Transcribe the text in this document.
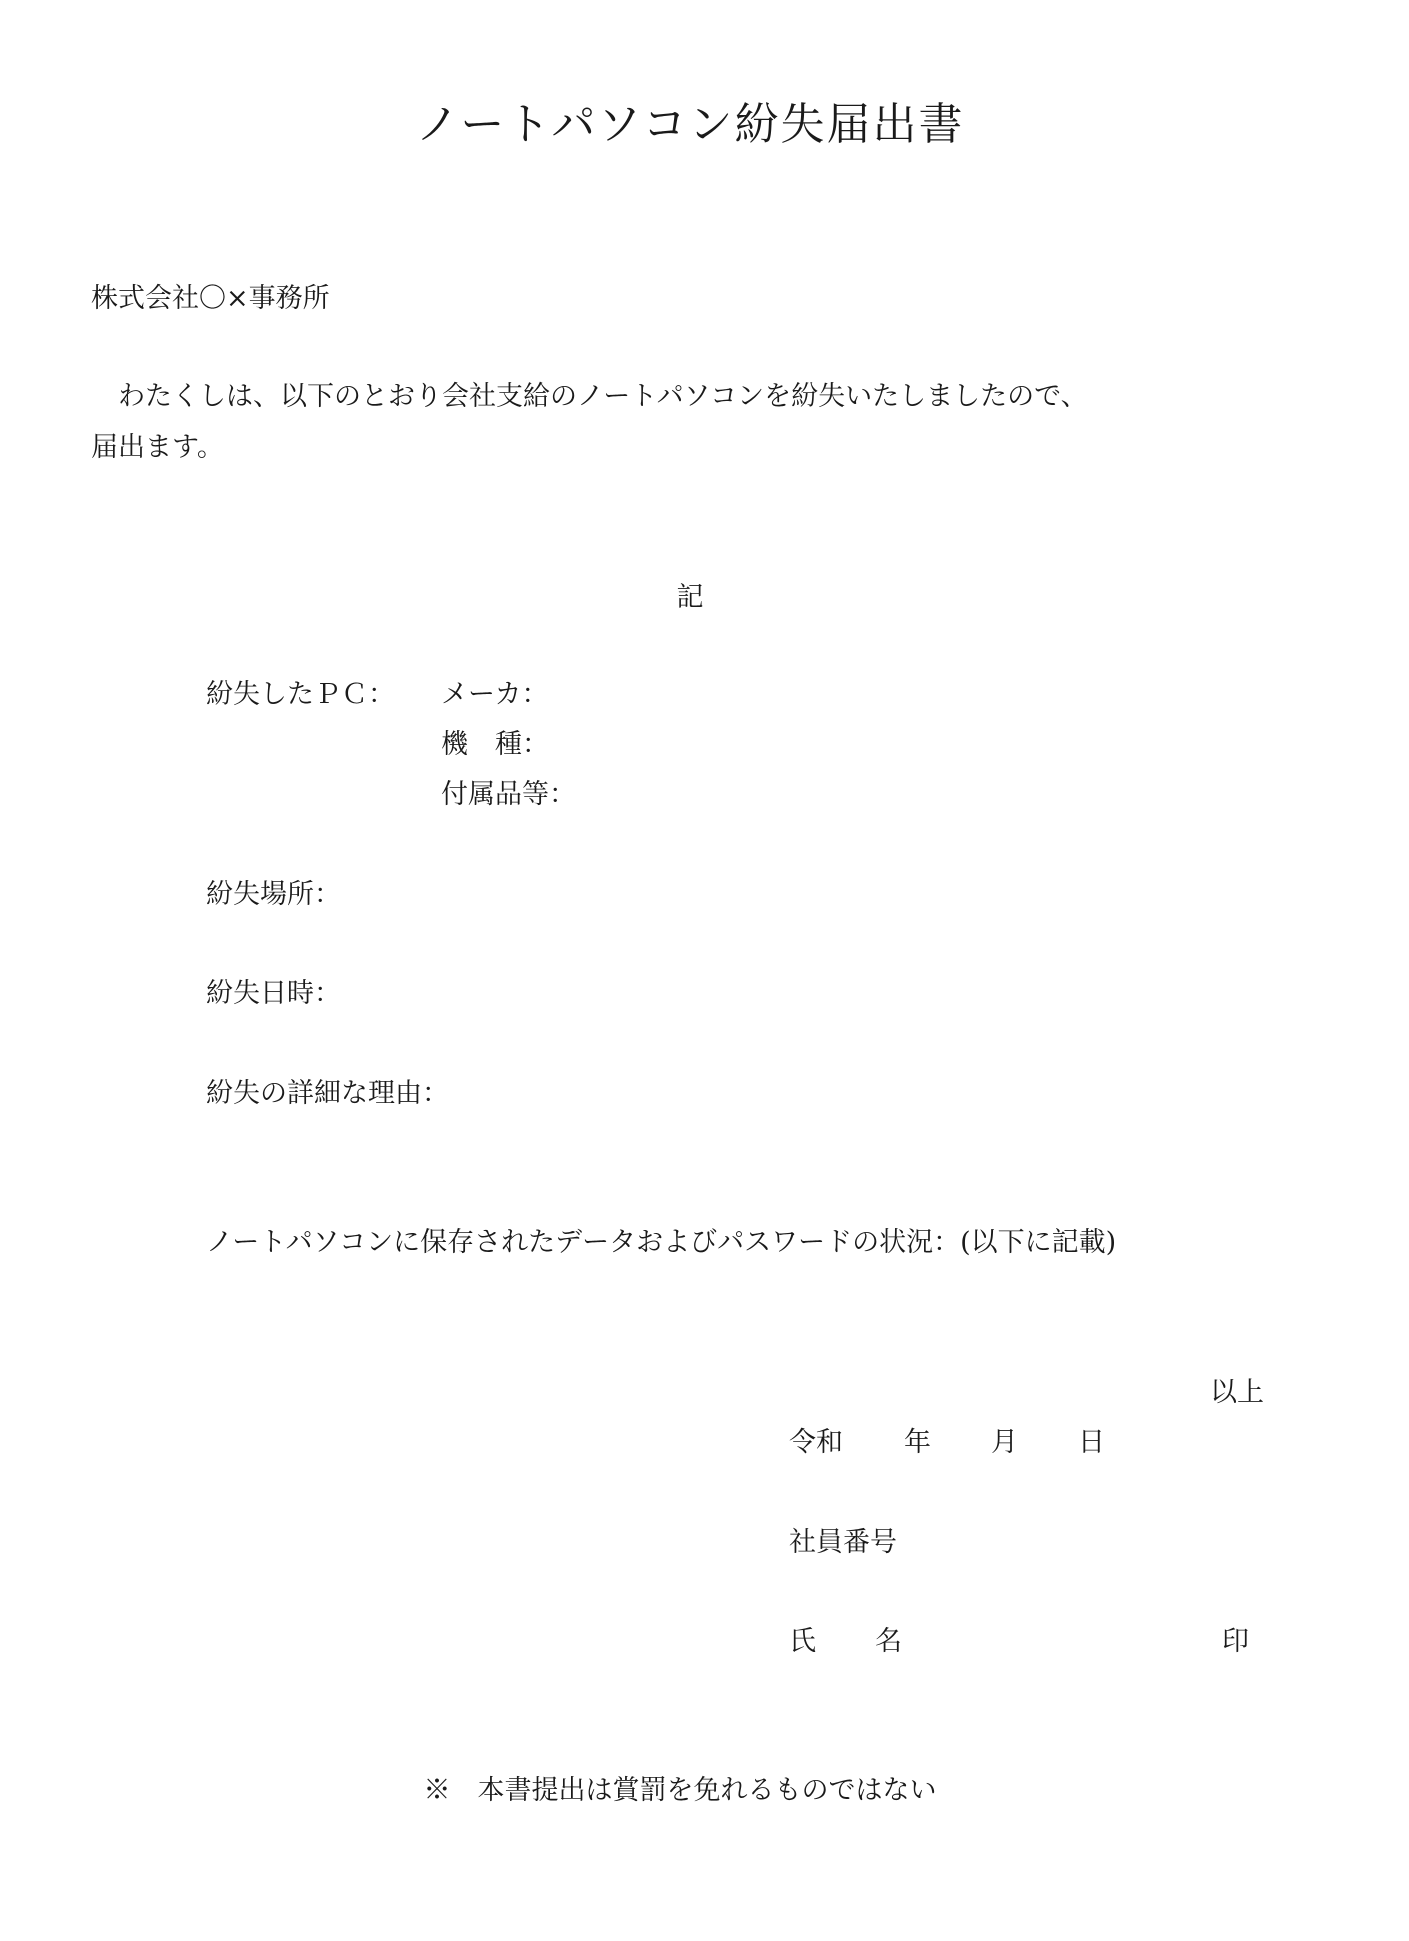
ノートパソコン紛失届出書
株式会社〇×事務所
　わたくしは、以下のとおり会社支給のノートパソコンを紛失いたしましたので、
届出ます。
記
紛失したＰＣ： メーカ：
機　種：
付属品等：
紛失場所：
紛失日時：
紛失の詳細な理由：
ノートパソコンに保存されたデータおよびパスワードの状況：(以下に記載)
以上
令和 年 月 日
社員番号
氏 名	印
※　本書提出は賞罰を免れるものではない
